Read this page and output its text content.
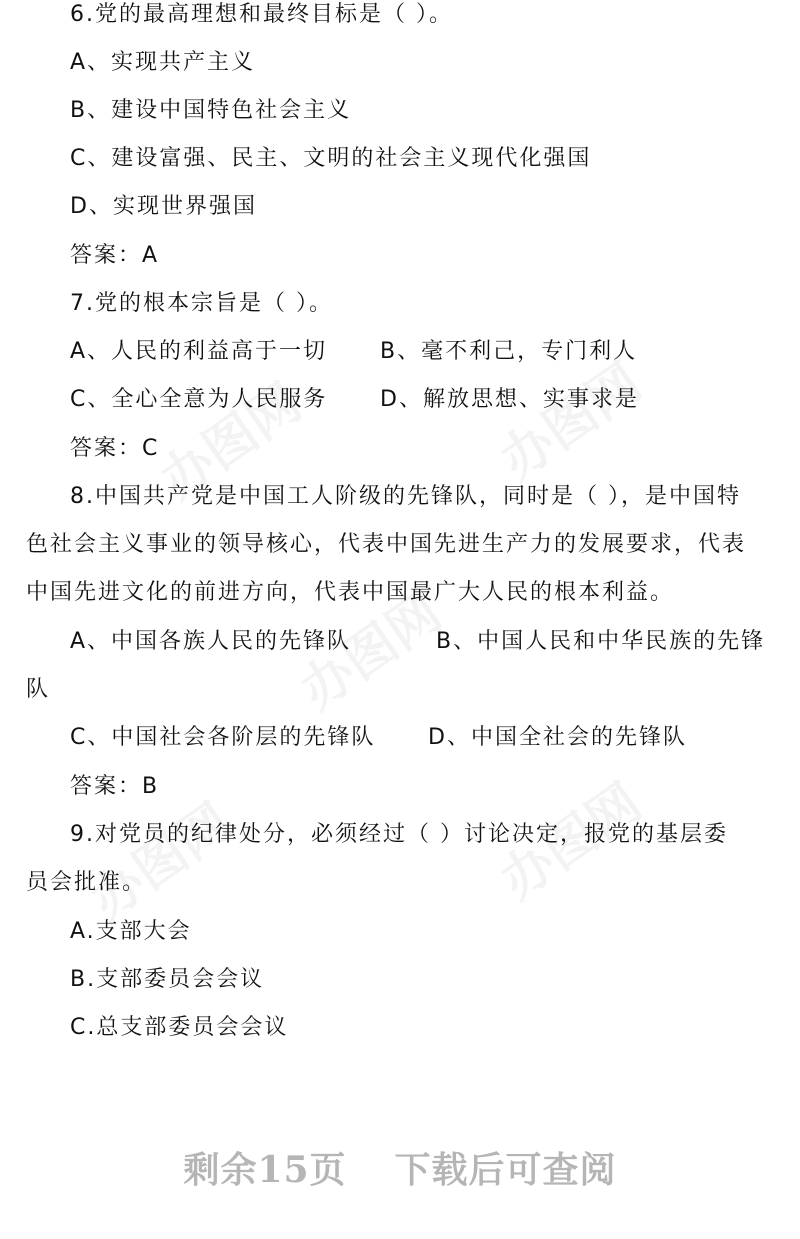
6.党的最高理想和最终目标是（ ）。
A、实现共产主义
B、建设中国特色社会主义
C、建设富强、民主、文明的社会主义现代化强国
D、实现世界强国
答案：A
7.党的根本宗旨是（ ）。
A、人民的利益高于一切 B、毫不利己，专门利人
C、全心全意为人民服务 D、解放思想、实事求是
答案：C
8.中国共产党是中国工人阶级的先锋队，同时是（ ），是中国特
色社会主义事业的领导核心，代表中国先进生产力的发展要求，代表
中国先进文化的前进方向，代表中国最广大人民的根本利益。
A、中国各族人民的先锋队	B、中国人民和中华民族的先锋
队
C、中国社会各阶层的先锋队 D、中国全社会的先锋队
答案：B
9.对党员的纪律处分，必须经过（ ）讨论决定，报党的基层委
员会批准。
A.支部大会
B.支部委员会会议
C.总支部委员会会议
剩余15页 下载后可查阅
